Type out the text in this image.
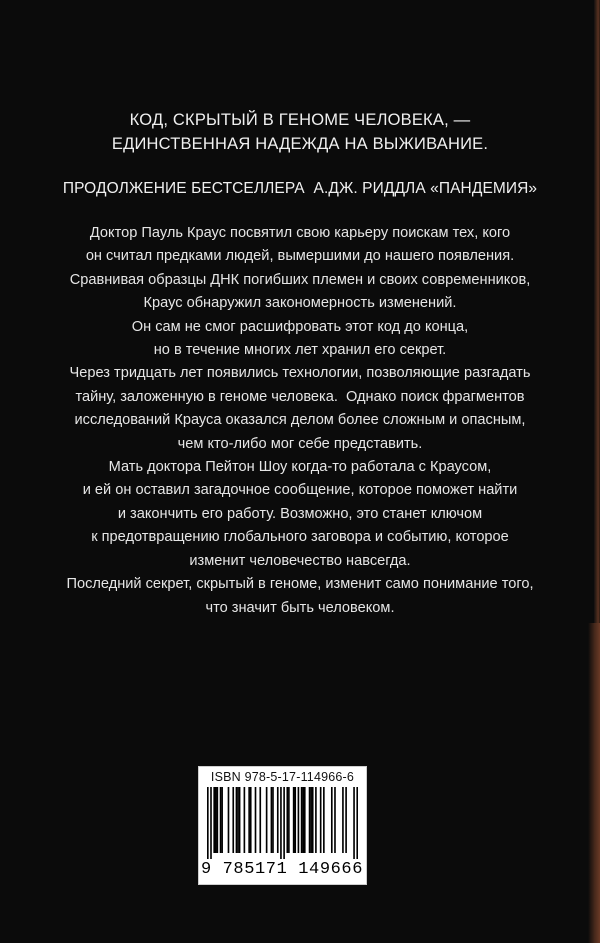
КОД, СКРЫТЫЙ В ГЕНОМЕ ЧЕЛОВЕКА, —
ЕДИНСТВЕННАЯ НАДЕЖДА НА ВЫЖИВАНИЕ.
ПРОДОЛЖЕНИЕ БЕСТСЕЛЛЕРА  А.ДЖ. РИДДЛА «ПАНДЕМИЯ»
Доктор Пауль Краус посвятил свою карьеру поискам тех, кого
он считал предками людей, вымершими до нашего появления.
Сравнивая образцы ДНК погибших племен и своих современников,
Краус обнаружил закономерность изменений.
Он сам не смог расшифровать этот код до конца,
но в течение многих лет хранил его секрет.
Через тридцать лет появились технологии, позволяющие разгадать
тайну, заложенную в геноме человека.  Однако поиск фрагментов
исследований Крауса оказался делом более сложным и опасным,
чем кто-либо мог себе представить.
Мать доктора Пейтон Шоу когда-то работала с Краусом,
и ей он оставил загадочное сообщение, которое поможет найти
и закончить его работу. Возможно, это станет ключом
к предотвращению глобального заговора и событию, которое
изменит человечество навсегда.
Последний секрет, скрытый в геноме, изменит само понимание того,
что значит быть человеком.
ISBN 978-5-17-114966-6
9 785171 149666
